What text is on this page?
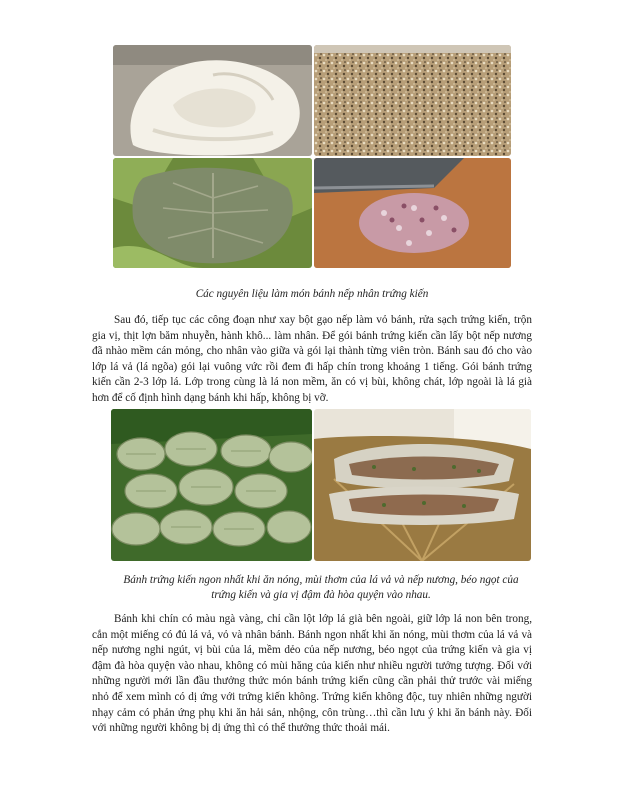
Các nguyên liệu làm món bánh nếp nhân trứng kiến
Sau đó, tiếp tục các công đoạn như xay bột gạo nếp làm vỏ bánh, rửa sạch trứng kiến, trộn gia vị, thịt lợn băm nhuyễn, hành khô... làm nhân. Để gói bánh trứng kiến cần lấy bột nếp nương đã nhào mềm cán mỏng, cho nhân vào giữa và gói lại thành từng viên tròn. Bánh sau đó cho vào lớp lá vả (lá ngõa) gói lại vuông vức rồi đem đi hấp chín trong khoảng 1 tiếng. Gói bánh trứng kiến cần 2-3 lớp lá. Lớp trong cùng là lá non mềm, ăn có vị bùi, không chát, lớp ngoài là lá già hơn để cố định hình dạng bánh khi hấp, không bị vỡ.
Bánh trứng kiến ngon nhất khi ăn nóng, mùi thơm của lá vả và nếp nương, béo ngọt của trứng kiến và gia vị đậm đà hòa quyện vào nhau.
Bánh khi chín có màu ngà vàng, chỉ cần lột lớp lá già bên ngoài, giữ lớp lá non bên trong, cắn một miếng có đủ lá vả, vỏ và nhân bánh. Bánh ngon nhất khi ăn nóng, mùi thơm của lá vả và nếp nương nghi ngút, vị bùi của lá, mềm dẻo của nếp nương, béo ngọt của trứng kiến và gia vị đậm đà hòa quyện vào nhau, không có mùi hăng của kiến như nhiều người tưởng tượng. Đối với những người mới lần đầu thưởng thức món bánh trứng kiến cũng cần phải thử trước vài miếng nhỏ để xem mình có dị ứng với trứng kiến không. Trứng kiến không độc, tuy nhiên những người nhạy cảm có phản ứng phụ khi ăn hải sản, nhộng, côn trùng…thì cần lưu ý khi ăn bánh này. Đối với những người không bị dị ứng thì có thể thưởng thức thoải mái.
